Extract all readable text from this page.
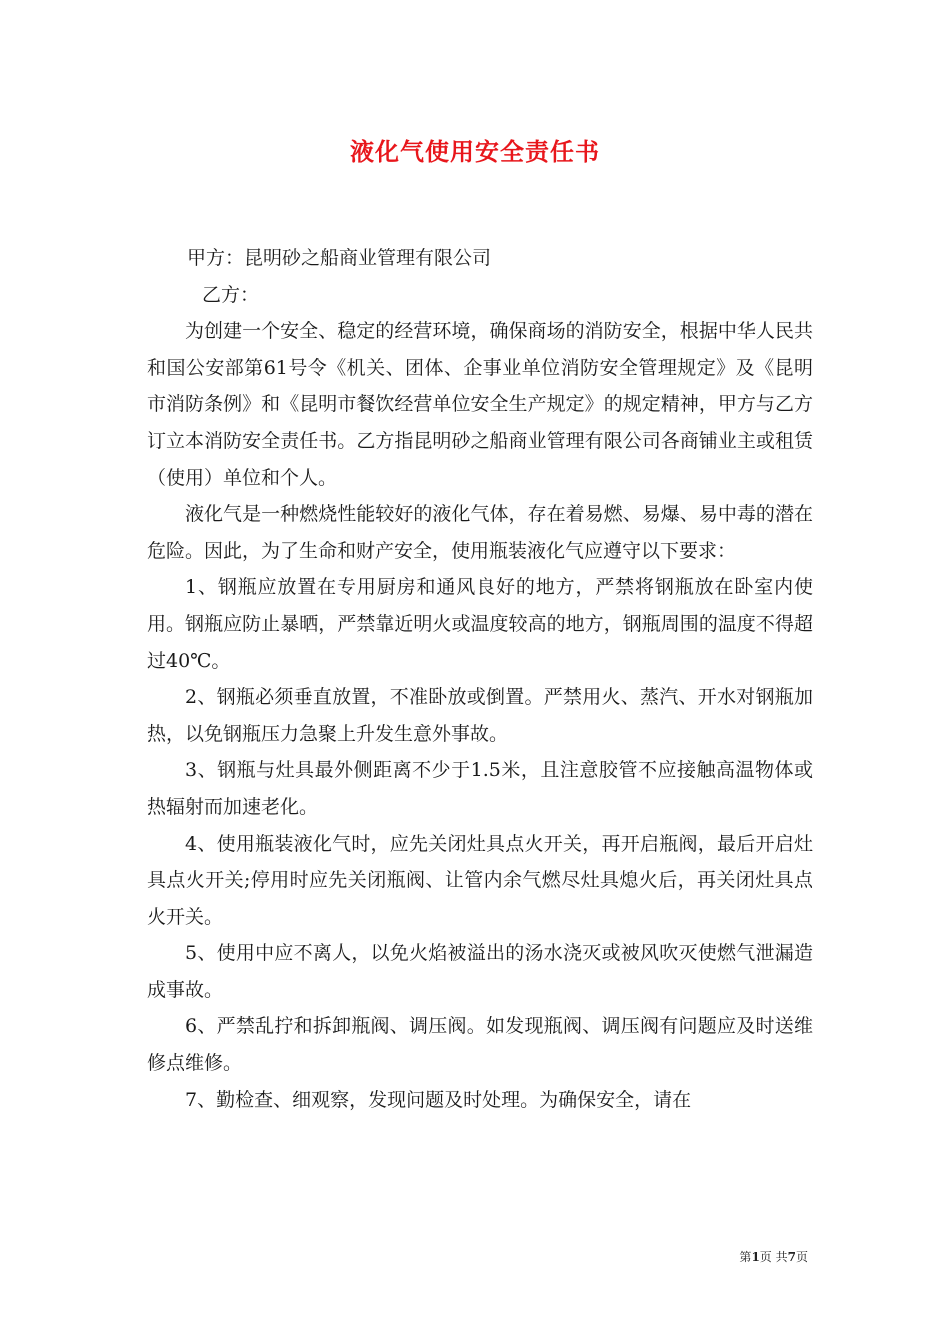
液化气使用安全责任书

甲方：昆明砂之船商业管理有限公司

乙方：

为创建一个安全、稳定的经营环境，确保商场的消防安全，根据中华人民共和国公安部第61号令《机关、团体、企事业单位消防安全管理规定》及《昆明市消防条例》和《昆明市餐饮经营单位安全生产规定》的规定精神，甲方与乙方订立本消防安全责任书。乙方指昆明砂之船商业管理有限公司各商铺业主或租赁（使用）单位和个人。

液化气是一种燃烧性能较好的液化气体，存在着易燃、易爆、易中毒的潜在危险。因此，为了生命和财产安全，使用瓶装液化气应遵守以下要求：

1、钢瓶应放置在专用厨房和通风良好的地方，严禁将钢瓶放在卧室内使用。钢瓶应防止暴晒，严禁靠近明火或温度较高的地方，钢瓶周围的温度不得超过40℃。

2、钢瓶必须垂直放置，不准卧放或倒置。严禁用火、蒸汽、开水对钢瓶加热，以免钢瓶压力急聚上升发生意外事故。

3、钢瓶与灶具最外侧距离不少于1.5米，且注意胶管不应接触高温物体或热辐射而加速老化。

4、使用瓶装液化气时，应先关闭灶具点火开关，再开启瓶阀，最后开启灶具点火开关;停用时应先关闭瓶阀、让管内余气燃尽灶具熄火后，再关闭灶具点火开关。

5、使用中应不离人，以免火焰被溢出的汤水浇灭或被风吹灭使燃气泄漏造成事故。

6、严禁乱拧和拆卸瓶阀、调压阀。如发现瓶阀、调压阀有问题应及时送维修点维修。

7、勤检查、细观察，发现问题及时处理。为确保安全，请在

第1页 共7页
